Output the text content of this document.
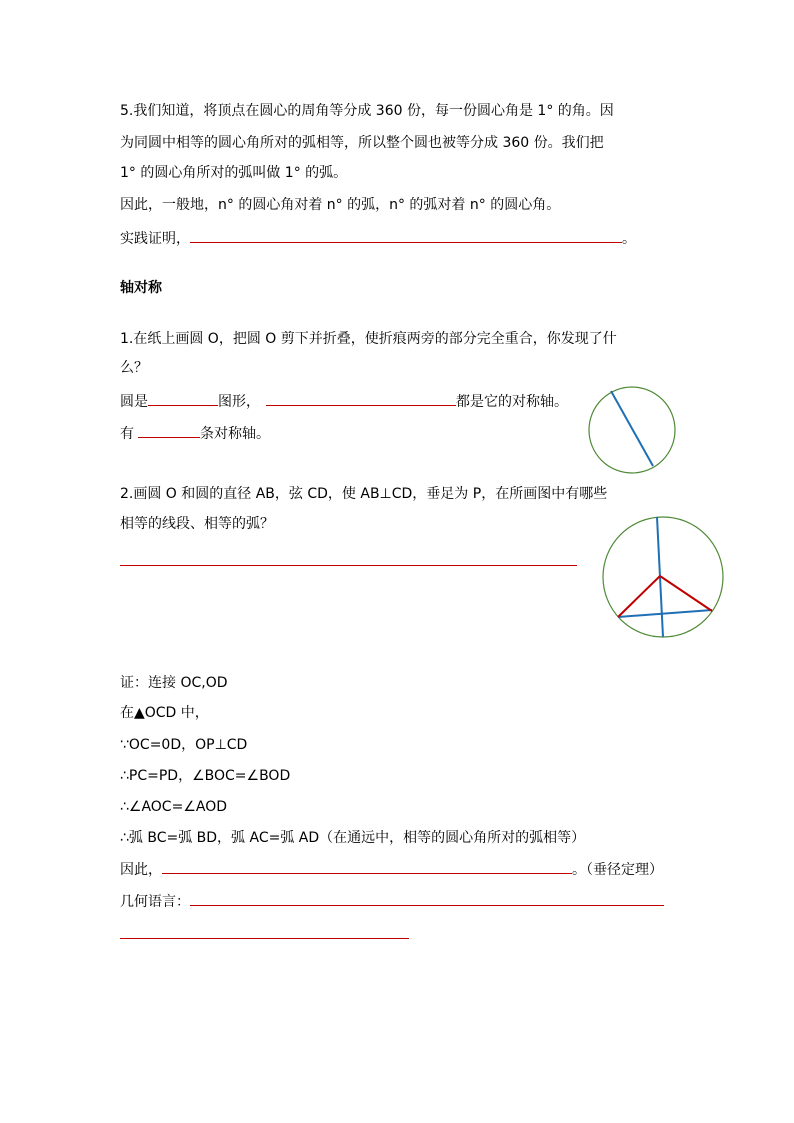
5.我们知道，将顶点在圆心的周角等分成 360 份，每一份圆心角是 1° 的角。因
为同圆中相等的圆心角所对的弧相等，所以整个圆也被等分成 360 份。我们把
1° 的圆心角所对的弧叫做 1° 的弧。
因此，一般地，n° 的圆心角对着 n° 的弧，n° 的弧对着 n° 的圆心角。
实践证明，	。
轴对称
1.在纸上画圆 O，把圆 O 剪下并折叠，使折痕两旁的部分完全重合，你发现了什
么？
圆是	图形，	都是它的对称轴。
有	条对称轴。
2.画圆 O 和圆的直径 AB，弦 CD，使 AB⊥CD，垂足为 P，在所画图中有哪些
相等的线段、相等的弧？
证：连接 OC,OD
在▲OCD 中，
∵OC=0D，OP⊥CD
∴PC=PD，∠BOC=∠BOD
∴∠AOC=∠AOD
∴弧 BC=弧 BD，弧 AC=弧 AD（在通远中，相等的圆心角所对的弧相等）
因此，	。（垂径定理）
几何语言：
